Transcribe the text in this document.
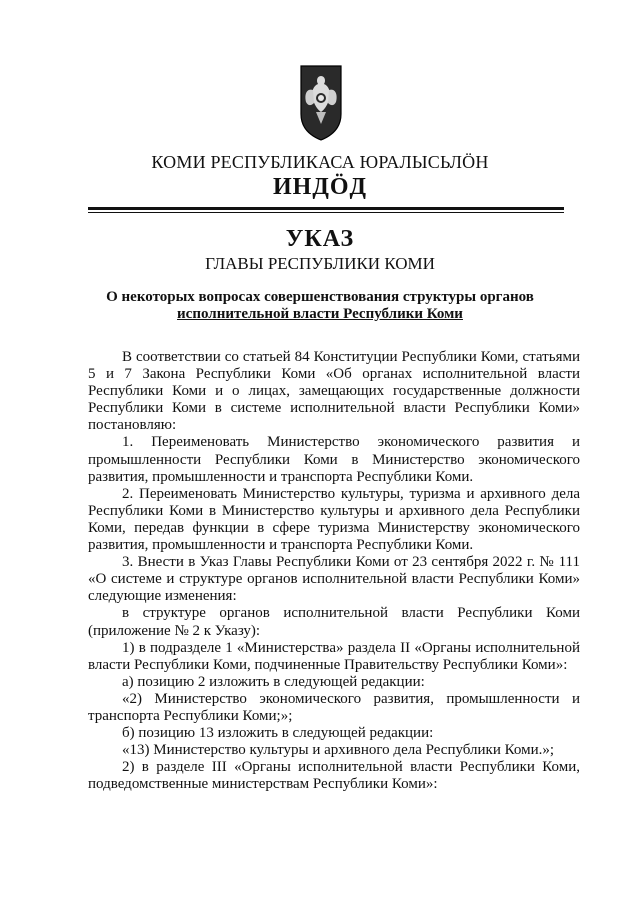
КОМИ РЕСПУБЛИКАСА ЮРАЛЫСЬЛÖН
ИНДÖД
УКАЗ
ГЛАВЫ РЕСПУБЛИКИ КОМИ
О некоторых вопросах совершенствования структуры органов
исполнительной власти Республики Коми

В соответствии со статьей 84 Конституции Республики Коми, статьями 5 и 7 Закона Республики Коми «Об органах исполнительной власти Республики Коми и о лицах, замещающих государственные должности Республики Коми в системе исполнительной власти Республики Коми» постановляю:

1. Переименовать Министерство экономического развития и промышленности Республики Коми в Министерство экономического развития, промышленности и транспорта Республики Коми.

2. Переименовать Министерство культуры, туризма и архивного дела Республики Коми в Министерство культуры и архивного дела Республики Коми, передав функции в сфере туризма Министерству экономического развития, промышленности и транспорта Республики Коми.

3. Внести в Указ Главы Республики Коми от 23 сентября 2022 г. № 111 «О системе и структуре органов исполнительной власти Республики Коми» следующие изменения:

в структуре органов исполнительной власти Республики Коми (приложение № 2 к Указу):

1) в подразделе 1 «Министерства» раздела II «Органы исполнительной власти Республики Коми, подчиненные Правительству Республики Коми»:

а) позицию 2 изложить в следующей редакции:

«2) Министерство экономического развития, промышленности и транспорта Республики Коми;»;

б) позицию 13 изложить в следующей редакции:

«13) Министерство культуры и архивного дела Республики Коми.»;

2) в разделе III «Органы исполнительной власти Республики Коми, подведомственные министерствам Республики Коми»:
